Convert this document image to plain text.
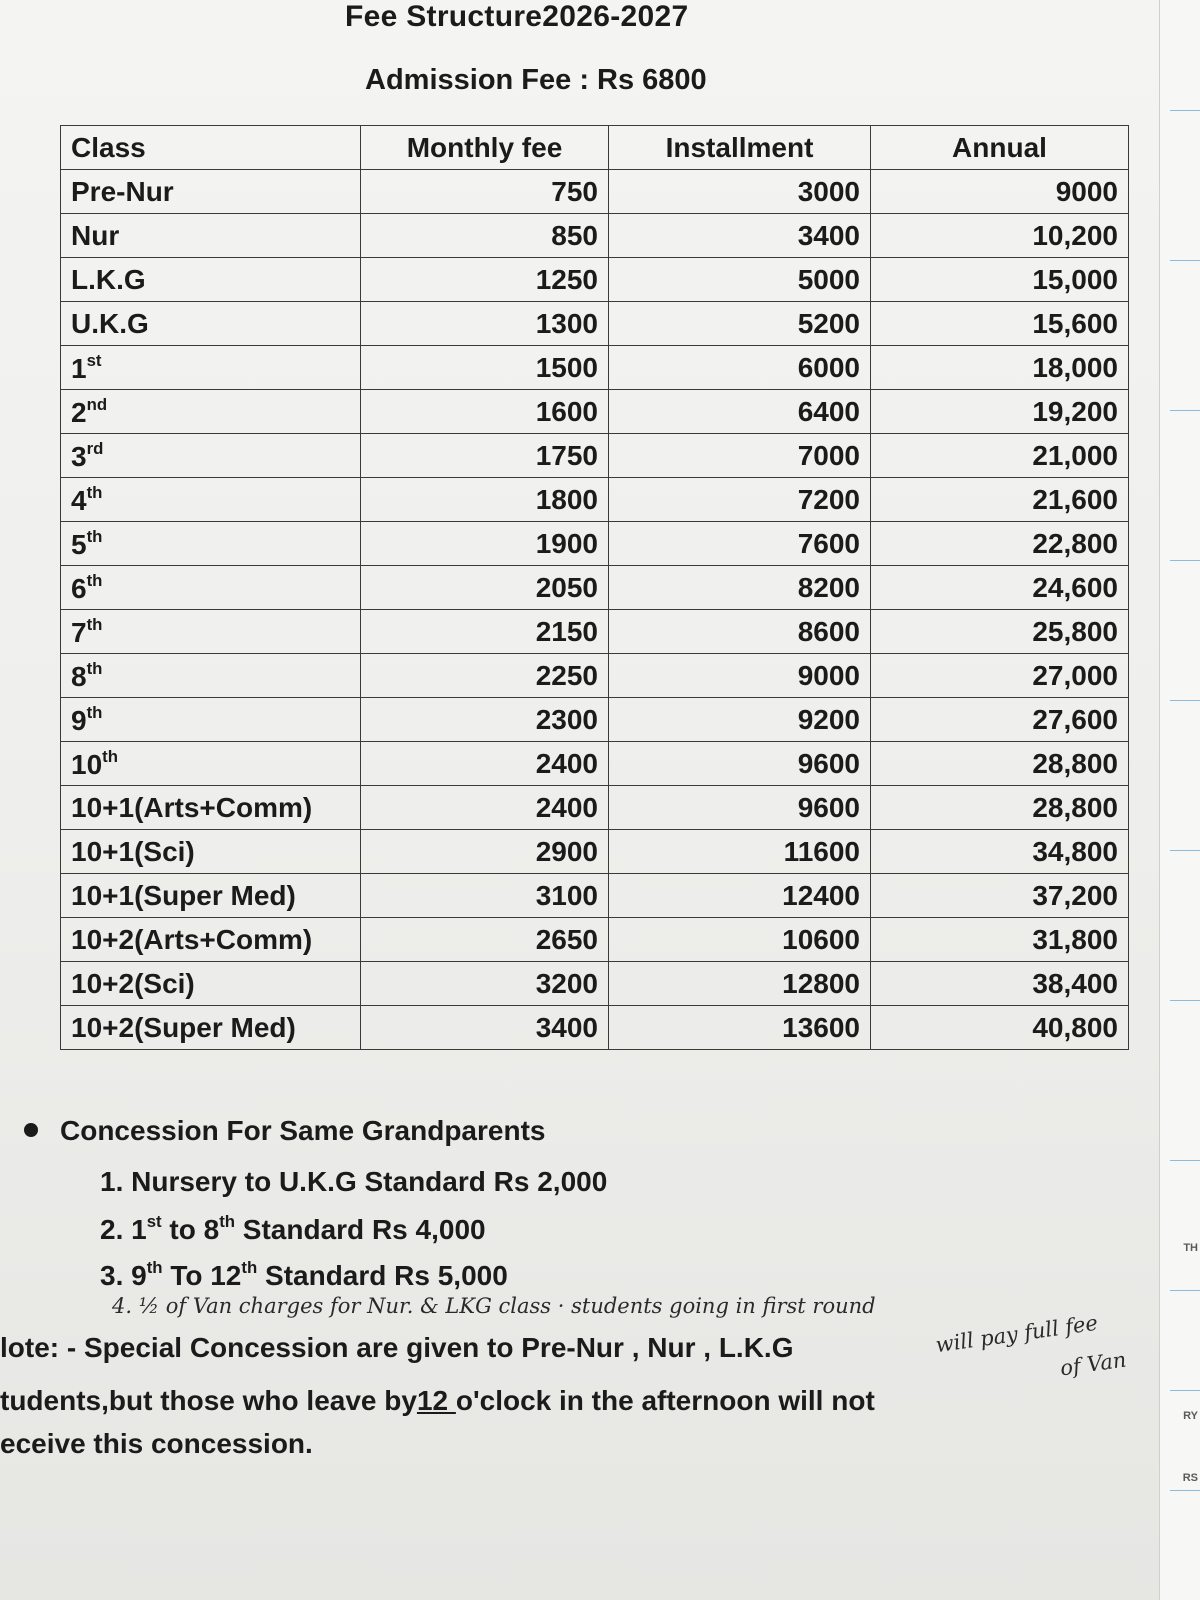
TH
RY
RS
Fee Structure2026-2027
Admission Fee : Rs 6800
Class	Monthly fee	Installment	Annual
Pre-Nur	750	3000	9000
Nur	850	3400	10,200
L.K.G	1250	5000	15,000
U.K.G	1300	5200	15,600
1st	1500	6000	18,000
2nd	1600	6400	19,200
3rd	1750	7000	21,000
4th	1800	7200	21,600
5th	1900	7600	22,800
6th	2050	8200	24,600
7th	2150	8600	25,800
8th	2250	9000	27,000
9th	2300	9200	27,600
10th	2400	9600	28,800
10+1(Arts+Comm)	2400	9600	28,800
10+1(Sci)	2900	11600	34,800
10+1(Super Med)	3100	12400	37,200
10+2(Arts+Comm)	2650	10600	31,800
10+2(Sci)	3200	12800	38,400
10+2(Super Med)	3400	13600	40,800
Concession For Same Grandparents
1. Nursery to U.K.G Standard Rs 2,000
2. 1st to 8th Standard Rs 4,000
3. 9th To 12th Standard Rs 5,000
4. ½ of Van charges for Nur. & LKG class · students going in first round
will pay full fee
of Van
lote: - Special Concession are given to Pre-Nur , Nur , L.K.G
tudents,but those who leave by12 o'clock in the afternoon will not
eceive this concession.
